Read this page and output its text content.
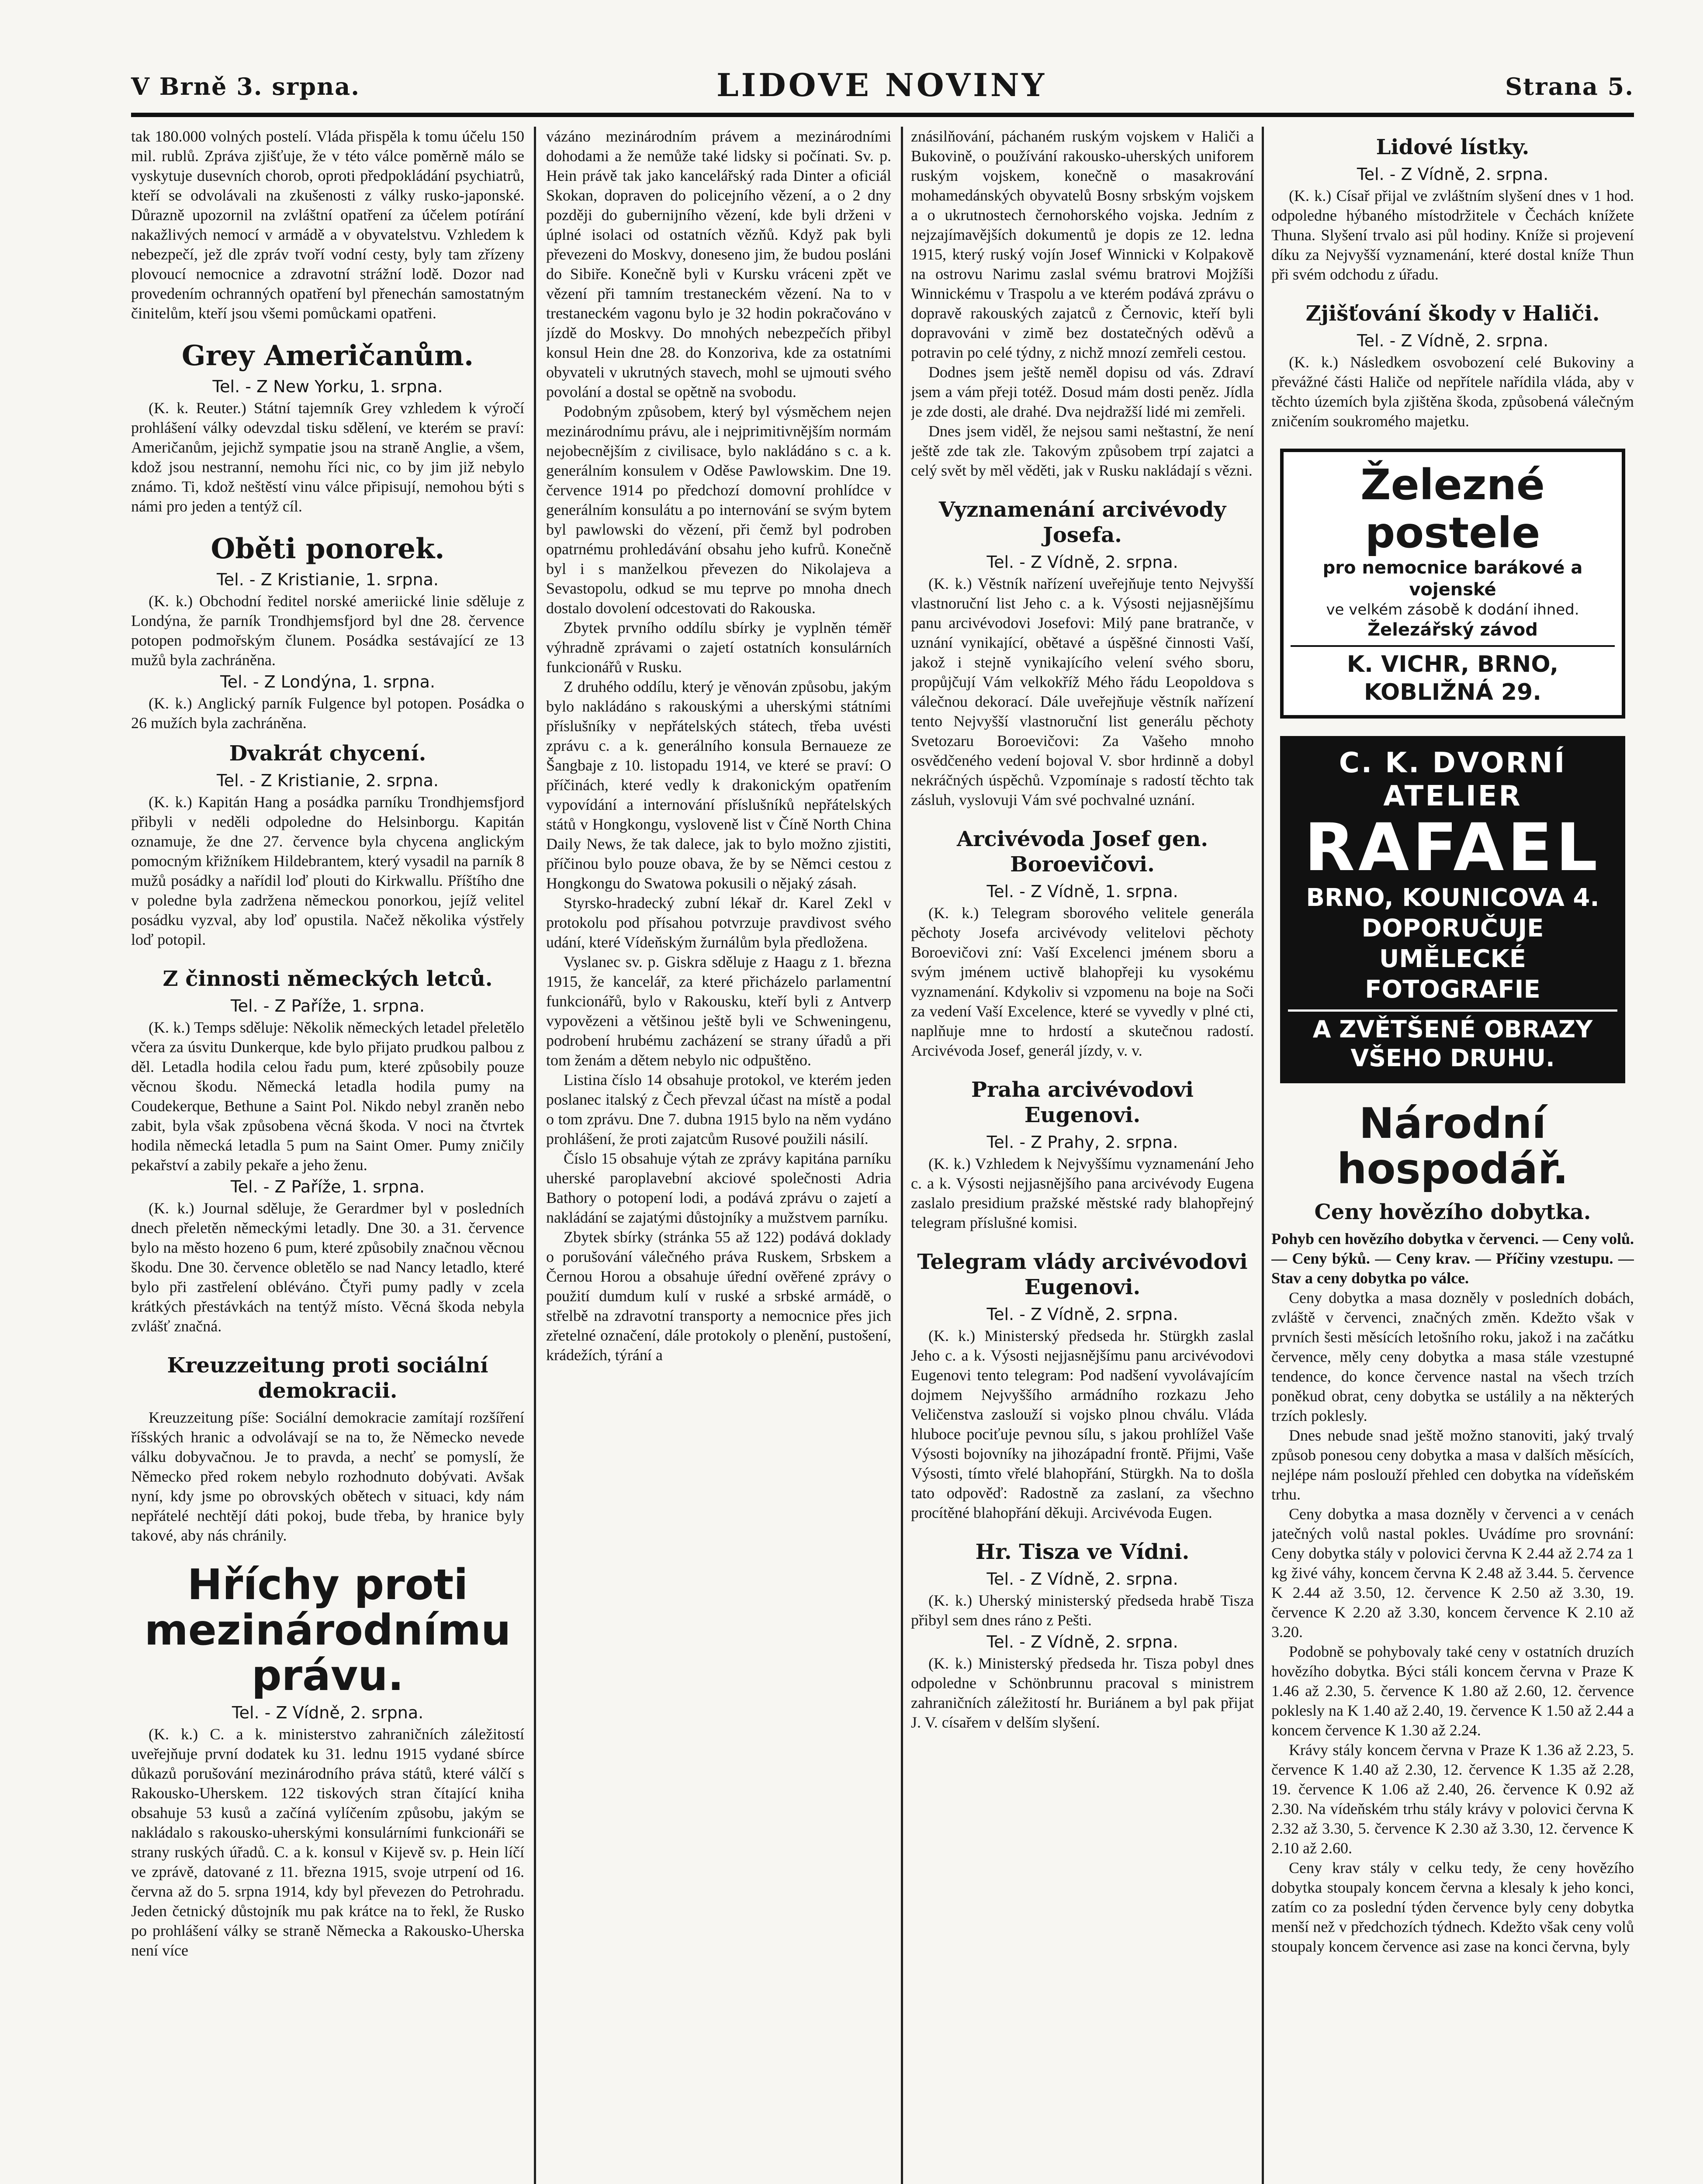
V Brně 3. srpna.	LIDOVE NOVINY	Strana 5.

tak 180.000 volných postelí. Vláda přispěla k tomu účelu 150 mil. rublů. Zpráva zjišťuje, že v této válce poměrně málo se vyskytuje dusevních chorob, oproti předpokládání psychiatrů, kteří se odvolávali na zkušenosti z války rusko-japonské. Důrazně upozornil na zvláštní opatření za účelem potírání nakažlivých nemocí v armádě a v obyvatelstvu. Vzhledem k nebezpečí, jež dle zpráv tvoří vodní cesty, byly tam zřízeny plovoucí nemocnice a zdravotní strážní lodě. Dozor nad provedením ochranných opatření byl přenechán samostatným činitelům, kteří jsou všemi pomůckami opatřeni.

Grey Američanům.
Tel. - Z New Yorku, 1. srpna.

(K. k. Reuter.) Státní tajemník Grey vzhledem k výročí prohlášení války odevzdal tisku sdělení, ve kterém se praví: Američanům, jejichž sympatie jsou na straně Anglie, a všem, kdož jsou nestranní, nemohu říci nic, co by jim již nebylo známo. Ti, kdož neštěstí vinu válce připisují, nemohou býti s námi pro jeden a tentýž cíl.

Oběti ponorek.
Tel. - Z Kristianie, 1. srpna.

(K. k.) Obchodní ředitel norské ameriické linie sděluje z Londýna, že parník Trondhjemsfjord byl dne 28. července potopen podmořským člunem. Posádka sestávající ze 13 mužů byla zachráněna.

Tel. - Z Londýna, 1. srpna.

(K. k.) Anglický parník Fulgence byl potopen. Posádka o 26 mužích byla zachráněna.

Dvakrát chycení.
Tel. - Z Kristianie, 2. srpna.

(K. k.) Kapitán Hang a posádka parníku Trondhjemsfjord přibyli v neděli odpoledne do Helsinborgu. Kapitán oznamuje, že dne 27. července byla chycena anglickým pomocným křižníkem Hildebrantem, který vysadil na parník 8 mužů posádky a nařídil loď plouti do Kirkwallu. Příštího dne v poledne byla zadržena německou ponorkou, jejíž velitel posádku vyzval, aby loď opustila. Načež několika výstřely loď potopil.

Z činnosti německých letců.
Tel. - Z Paříže, 1. srpna.

(K. k.) Temps sděluje: Několik německých letadel přeletělo včera za úsvitu Dunkerque, kde bylo přijato prudkou palbou z děl. Letadla hodila celou řadu pum, které způsobily pouze věcnou škodu. Německá letadla hodila pumy na Coudekerque, Bethune a Saint Pol. Nikdo nebyl zraněn nebo zabit, byla však způsobena věcná škoda. V noci na čtvrtek hodila německá letadla 5 pum na Saint Omer. Pumy zničily pekařství a zabily pekaře a jeho ženu.

Tel. - Z Paříže, 1. srpna.

(K. k.) Journal sděluje, že Gerardmer byl v posledních dnech přeletěn německými letadly. Dne 30. a 31. července bylo na město hozeno 6 pum, které způsobily značnou věcnou škodu. Dne 30. července obletělo se nad Nancy letadlo, které bylo při zastřelení obléváno. Čtyři pumy padly v zcela krátkých přestávkách na tentýž místo. Věcná škoda nebyla zvlášť značná.

Kreuzzeitung proti sociální demokracii.

Kreuzzeitung píše: Sociální demokracie zamítají rozšíření říšských hranic a odvolávají se na to, že Německo nevede válku dobyvačnou. Je to pravda, a nechť se pomyslí, že Německo před rokem nebylo rozhodnuto dobývati. Avšak nyní, kdy jsme po obrovských obětech v situaci, kdy nám nepřátelé nechtějí dáti pokoj, bude třeba, by hranice byly takové, aby nás chránily.

Hříchy proti mezinárodnímu právu.
Tel. - Z Vídně, 2. srpna.

(K. k.) C. a k. ministerstvo zahraničních záležitostí uveřejňuje první dodatek ku 31. lednu 1915 vydané sbírce důkazů porušování mezinárodního práva států, které válčí s Rakousko-Uherskem. 122 tiskových stran čítající kniha obsahuje 53 kusů a začíná vylíčením způsobu, jakým se nakládalo s rakousko-uherskými konsulárními funkcionáři se strany ruských úřadů. C. a k. konsul v Kijevě sv. p. Hein líčí ve zprávě, datované z 11. března 1915, svoje utrpení od 16. června až do 5. srpna 1914, kdy byl převezen do Petrohradu. Jeden četnický důstojník mu pak krátce na to řekl, že Rusko po prohlášení války se straně Německa a Rakousko-Uherska není více

vázáno mezinárodním právem a mezinárodními dohodami a že nemůže také lidsky si počínati. Sv. p. Hein právě tak jako kancelářský rada Dinter a oficiál Skokan, dopraven do policejního vězení, a o 2 dny později do gubernijního vězení, kde byli drženi v úplné isolaci od ostatních vězňů. Když pak byli převezeni do Moskvy, doneseno jim, že budou posláni do Sibiře. Konečně byli v Kursku vráceni zpět ve vězení při tamním trestaneckém vězení. Na to v trestaneckém vagonu bylo je 32 hodin pokračováno v jízdě do Moskvy. Do mnohých nebezpečích přibyl konsul Hein dne 28. do Konzoriva, kde za ostatními obyvateli v ukrutných stavech, mohl se ujmouti svého povolání a dostal se opětně na svobodu.

Podobným způsobem, který byl výsměchem nejen mezinárodnímu právu, ale i nejprimitivnějším normám nejobecnějším z civilisace, bylo nakládáno s c. a k. generálním konsulem v Oděse Pawlowskim. Dne 19. července 1914 po předchozí domovní prohlídce v generálním konsulátu a po internování se svým bytem byl pawlowski do vězení, při čemž byl podroben opatrnému prohledávání obsahu jeho kufrů. Konečně byl i s manželkou převezen do Nikolajeva a Sevastopolu, odkud se mu teprve po mnoha dnech dostalo dovolení odcestovati do Rakouska.

Zbytek prvního oddílu sbírky je vyplněn téměř výhradně zprávami o zajetí ostatních konsulárních funkcionářů v Rusku.

Z druhého oddílu, který je věnován způsobu, jakým bylo nakládáno s rakouskými a uherskými státními příslušníky v nepřátelských státech, třeba uvésti zprávu c. a k. generálního konsula Bernaueze ze Šangbaje z 10. listopadu 1914, ve které se praví: O příčinách, které vedly k drakonickým opatřením vypovídání a internování příslušníků nepřátelských států v Hongkongu, vysloveně list v Číně North China Daily News, že tak dalece, jak to bylo možno zjistiti, příčinou bylo pouze obava, že by se Němci cestou z Hongkongu do Swatowa pokusili o nějaký zásah.

Styrsko-hradecký zubní lékař dr. Karel Zekl v protokolu pod přísahou potvrzuje pravdivost svého udání, které Vídeňským žurnálům byla předložena.

Vyslanec sv. p. Giskra sděluje z Haagu z 1. března 1915, že kancelář, za které přicházelo parlamentní funkcionářů, bylo v Rakousku, kteří byli z Antverp vypovězeni a většinou ještě byli ve Schweningenu, podrobení hrubému zacházení se strany úřadů a při tom ženám a dětem nebylo nic odpuštěno.

Listina číslo 14 obsahuje protokol, ve kterém jeden poslanec italský z Čech převzal účast na místě a podal o tom zprávu. Dne 7. dubna 1915 bylo na něm vydáno prohlášení, že proti zajatcům Rusové použili násilí.

Číslo 15 obsahuje výtah ze zprávy kapitána parníku uherské paroplavební akciové společnosti Adria Bathory o potopení lodi, a podává zprávu o zajetí a nakládání se zajatými důstojníky a mužstvem parníku.

Zbytek sbírky (stránka 55 až 122) podává doklady o porušování válečného práva Ruskem, Srbskem a Černou Horou a obsahuje úřední ověřené zprávy o použití dumdum kulí v ruské a srbské armádě, o střelbě na zdravotní transporty a nemocnice přes jich zřetelné označení, dále protokoly o plenění, pustošení, krádežích, týrání a

znásilňování, páchaném ruským vojskem v Haliči a Bukovině, o používání rakousko-uherských uniforem ruským vojskem, konečně o masakrování mohamedánských obyvatelů Bosny srbským vojskem a o ukrutnostech černohorského vojska. Jedním z nejzajímavějších dokumentů je dopis ze 12. ledna 1915, který ruský vojín Josef Winnicki v Kolpakově na ostrovu Narimu zaslal svému bratrovi Mojžíši Winnickému v Traspolu a ve kterém podává zprávu o dopravě rakouských zajatců z Černovic, kteří byli dopravováni v zimě bez dostatečných oděvů a potravin po celé týdny, z nichž mnozí zemřeli cestou.

Dodnes jsem ještě neměl dopisu od vás. Zdraví jsem a vám přeji totéž. Dosud mám dosti peněz. Jídla je zde dosti, ale drahé. Dva nejdražší lidé mi zemřeli.

Dnes jsem viděl, že nejsou sami neštastní, že není ještě zde tak zle. Takovým způsobem trpí zajatci a celý svět by měl věděti, jak v Rusku nakládají s vězni.

Vyznamenání arcivévody Josefa.
Tel. - Z Vídně, 2. srpna.

(K. k.) Věstník nařízení uveřejňuje tento Nejvyšší vlastnoruční list Jeho c. a k. Výsosti nejjasnějšímu panu arcivévodovi Josefovi: Milý pane bratranče, v uznání vynikající, obětavé a úspěšné činnosti Vaší, jakož i stejně vynikajícího velení svého sboru, propůjčují Vám velkokříž Mého řádu Leopoldova s válečnou dekorací. Dále uveřejňuje věstník nařízení tento Nejvyšší vlastnoruční list generálu pěchoty Svetozaru Boroevičovi: Za Vašeho mnoho osvědčeného vedení bojoval V. sbor hrdinně a dobyl nekráčných úspěchů. Vzpomínaje s radostí těchto tak zásluh, vyslovuji Vám své pochvalné uznání.

Arcivévoda Josef gen. Boroevičovi.
Tel. - Z Vídně, 1. srpna.

(K. k.) Telegram sborového velitele generála pěchoty Josefa arcivévody velitelovi pěchoty Boroevičovi zní: Vaší Excelenci jménem sboru a svým jménem uctivě blahopřeji ku vysokému vyznamenání. Kdykoliv si vzpomenu na boje na Soči za vedení Vaší Excelence, které se vyvedly v plné cti, naplňuje mne to hrdostí a skutečnou radostí. Arcivévoda Josef, generál jízdy, v. v.

Praha arcivévodovi Eugenovi.
Tel. - Z Prahy, 2. srpna.

(K. k.) Vzhledem k Nejvyššímu vyznamenání Jeho c. a k. Výsosti nejjasnějšího pana arcivévody Eugena zaslalo presidium pražské městské rady blahopřejný telegram příslušné komisi.

Telegram vlády arcivévodovi Eugenovi.
Tel. - Z Vídně, 2. srpna.

(K. k.) Ministerský předseda hr. Stürgkh zaslal Jeho c. a k. Výsosti nejjasnějšímu panu arcivévodovi Eugenovi tento telegram: Pod nadšení vyvolávajícím dojmem Nejvyššího armádního rozkazu Jeho Veličenstva zaslouží si vojsko plnou chválu. Vláda hluboce pociťuje pevnou sílu, s jakou prohlížel Vaše Výsosti bojovníky na jihozápadní frontě. Přijmi, Vaše Výsosti, tímto vřelé blahopřání, Stürgkh. Na to došla tato odpověď: Radostně za zaslaní, za všechno procítěné blahopřání děkuji. Arcivévoda Eugen.

Hr. Tisza ve Vídni.
Tel. - Z Vídně, 2. srpna.

(K. k.) Uherský ministerský předseda hrabě Tisza přibyl sem dnes ráno z Pešti.

Tel. - Z Vídně, 2. srpna.

(K. k.) Ministerský předseda hr. Tisza pobyl dnes odpoledne v Schönbrunnu pracoval s ministrem zahraničních záležitostí hr. Buriánem a byl pak přijat J. V. císařem v delším slyšení.

Lidové lístky.
Tel. - Z Vídně, 2. srpna.

(K. k.) Císař přijal ve zvláštním slyšení dnes v 1 hod. odpoledne hýbaného místodržitele v Čechách knížete Thuna. Slyšení trvalo asi půl hodiny. Kníže si projevení díku za Nejvyšší vyznamenání, které dostal kníže Thun při svém odchodu z úřadu.

Zjišťování škody v Haliči.
Tel. - Z Vídně, 2. srpna.

(K. k.) Následkem osvobození celé Bukoviny a převážné části Haliče od nepřítele nařídila vláda, aby v těchto územích byla zjištěna škoda, způsobená válečným zničením soukromého majetku.

Železné postele
pro nemocnice barákové a vojenské
ve velkém zásobě k dodání ihned.
Železářský závod
K. VICHR, BRNO, KOBLIŽNÁ 29.
C. K. DVORNÍ ATELIER
RAFAEL
BRNO, KOUNICOVA 4.
DOPORUČUJE UMĚLECKÉ FOTOGRAFIE
A ZVĚTŠENÉ OBRAZY VŠEHO DRUHU.
Národní hospodář.
Ceny hovězího dobytka.

Pohyb cen hovězího dobytka v červenci. — Ceny volů. — Ceny býků. — Ceny krav. — Příčiny vzestupu. — Stav a ceny dobytka po válce.

Ceny dobytka a masa dozněly v posledních dobách, zvláště v červenci, značných změn. Kdežto však v prvních šesti měsících letošního roku, jakož i na začátku července, měly ceny dobytka a masa stále vzestupné tendence, do konce července nastal na všech trzích poněkud obrat, ceny dobytka se ustálily a na některých trzích poklesly.

Dnes nebude snad ještě možno stanoviti, jaký trvalý způsob ponesou ceny dobytka a masa v dalších měsících, nejlépe nám poslouží přehled cen dobytka na vídeňském trhu.

Ceny dobytka a masa dozněly v červenci a v cenách jatečných volů nastal pokles. Uvádíme pro srovnání: Ceny dobytka stály v polovici června K 2.44 až 2.74 za 1 kg živé váhy, koncem června K 2.48 až 3.44. 5. července K 2.44 až 3.50, 12. července K 2.50 až 3.30, 19. července K 2.20 až 3.30, koncem července K 2.10 až 3.20.

Podobně se pohybovaly také ceny v ostatních druzích hovězího dobytka. Býci stáli koncem června v Praze K 1.46 až 2.30, 5. července K 1.80 až 2.60, 12. července poklesly na K 1.40 až 2.40, 19. července K 1.50 až 2.44 a koncem července K 1.30 až 2.24.

Krávy stály koncem června v Praze K 1.36 až 2.23, 5. července K 1.40 až 2.30, 12. července K 1.35 až 2.28, 19. července K 1.06 až 2.40, 26. července K 0.92 až 2.30. Na vídeňském trhu stály krávy v polovici června K 2.32 až 3.30, 5. července K 2.30 až 3.30, 12. července K 2.10 až 2.60.

Ceny krav stály v celku tedy, že ceny hovězího dobytka stoupaly koncem června a klesaly k jeho konci, zatím co za poslední týden července byly ceny dobytka menší než v předchozích týdnech. Kdežto však ceny volů stoupaly koncem července asi zase na konci června, byly
